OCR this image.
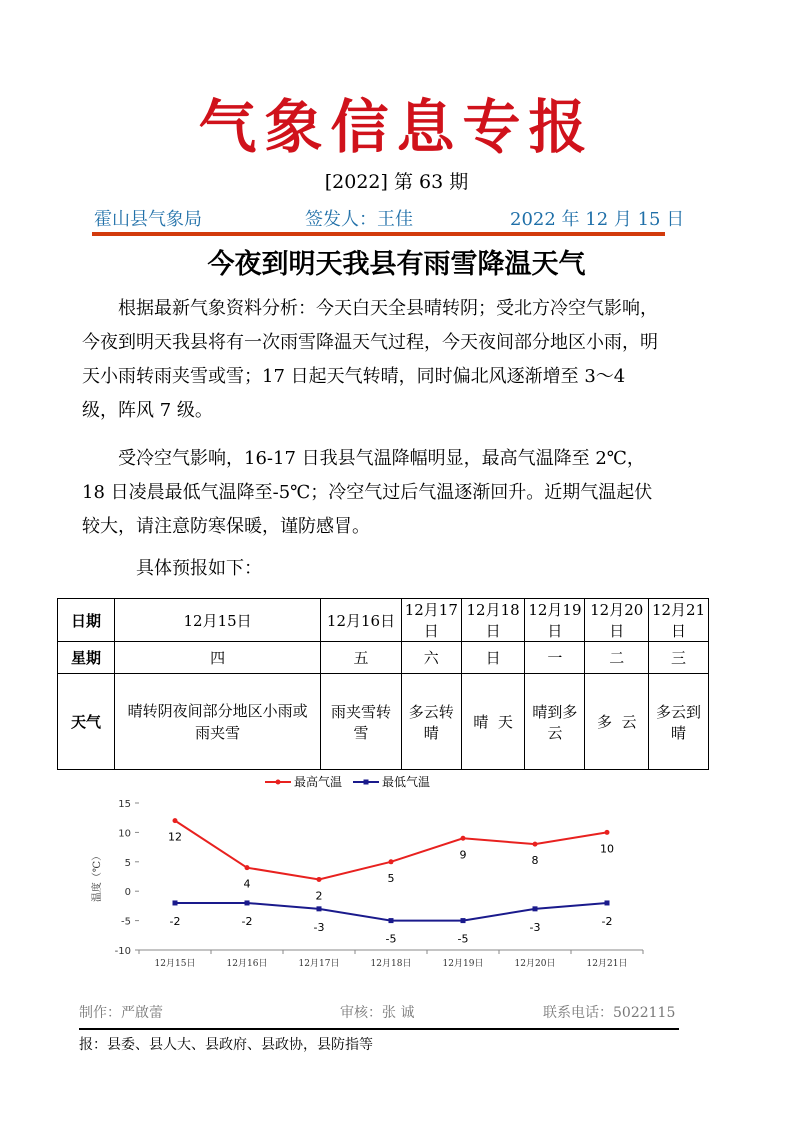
气象信息专报
[2022] 第 63 期
霍山县气象局	签发人：王佳	2022 年 12 月 15 日
今夜到明天我县有雨雪降温天气
根据最新气象资料分析：今天白天全县晴转阴；受北方冷空气影响，今夜到明天我县将有一次雨雪降温天气过程，今天夜间部分地区小雨，明天小雨转雨夹雪或雪；17 日起天气转晴，同时偏北风逐渐增至 3～4 级，阵风 7 级。
受冷空气影响，16-17 日我县气温降幅明显，最高气温降至 2℃，18 日凌晨最低气温降至-5℃；冷空气过后气温逐渐回升。近期气温起伏较大，请注意防寒保暖，谨防感冒。
具体预报如下：
日期	12月15日	12月16日	12月17日	12月18日	12月19日	12月20日	12月21日
星期	四	五	六	日	一	二	三
天气	晴转阴夜间部分地区小雨或雨夹雪	雨夹雪转雪	多云转晴	晴  天	晴到多云	多  云	多云到晴
15
10
5
0
-5
-10
12月15日	12月16日	12月17日	12月18日	12月19日	12月20日	12月21日
温度（℃）
12
4
2
5
9	8
10
最高气温
-2	-2	-3
-5	-5
-3	-2
最低气温
制作：严啟蕾	审核：张 诚	联系电话：5022115
报：县委、县人大、县政府、县政协，县防指等
